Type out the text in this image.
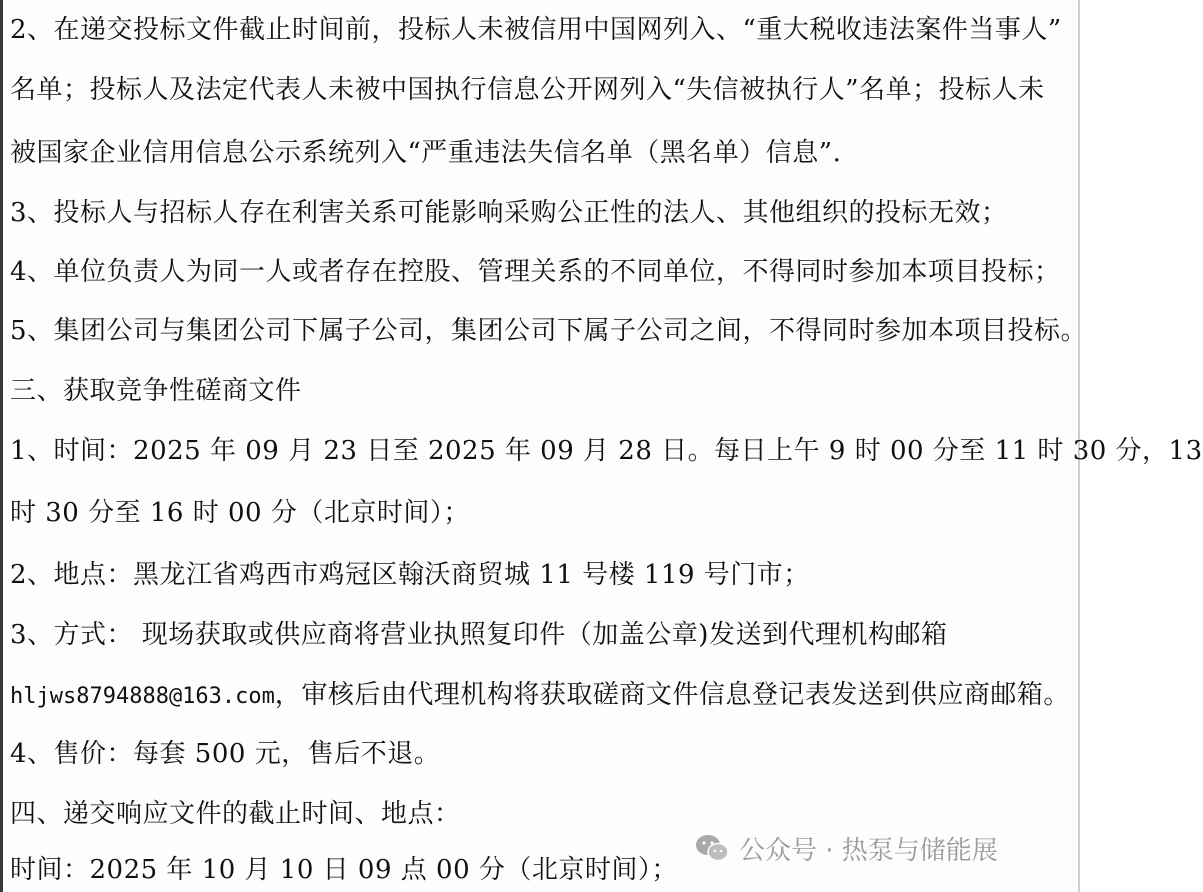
2、在递交投标文件截止时间前，投标人未被信用中国网列入、“重大税收违法案件当事人”
名单；投标人及法定代表人未被中国执行信息公开网列入“失信被执行人”名单；投标人未
被国家企业信用信息公示系统列入“严重违法失信名单（黑名单）信息”.
3、投标人与招标人存在利害关系可能影响采购公正性的法人、其他组织的投标无效；
4、单位负责人为同一人或者存在控股、管理关系的不同单位，不得同时参加本项目投标；
5、集团公司与集团公司下属子公司，集团公司下属子公司之间，不得同时参加本项目投标。
三、获取竞争性磋商文件
1、时间：2025 年 09 月 23 日至 2025 年 09 月 28 日。每日上午 9 时 00 分至 11 时 30 分，13
时 30 分至 16 时 00 分（北京时间）；
2、地点：黑龙江省鸡西市鸡冠区翰沃商贸城 11 号楼 119 号门市；
3、方式： 现场获取或供应商将营业执照复印件（加盖公章)发送到代理机构邮箱
hljws8794888@163.com，审核后由代理机构将获取磋商文件信息登记表发送到供应商邮箱。
4、售价：每套 500 元，售后不退。
四、递交响应文件的截止时间、地点：
时间：2025 年 10 月 10 日 09 点 00 分（北京时间）；
公众号 · 热泵与储能展
